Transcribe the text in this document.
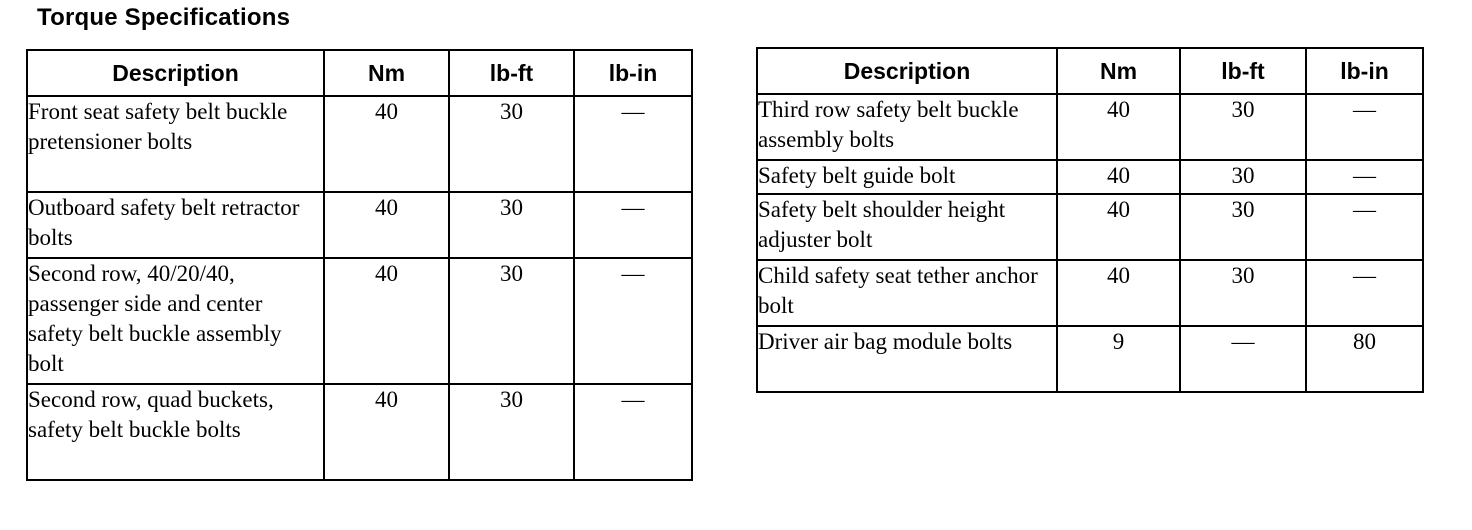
Torque Specifications
Description	Nm	lb-ft	lb-in
Front seat safety belt buckle pretensioner bolts	40	30	—
Outboard safety belt retractor bolts	40	30	—
Second row, 40/20/40, passenger side and center safety belt buckle assembly bolt	40	30	—
Second row, quad buckets, safety belt buckle bolts	40	30	—
Description	Nm	lb-ft	lb-in
Third row safety belt buckle assembly bolts	40	30	—
Safety belt guide bolt	40	30	—
Safety belt shoulder height adjuster bolt	40	30	—
Child safety seat tether anchor bolt	40	30	—
Driver air bag module bolts	9	—	80
